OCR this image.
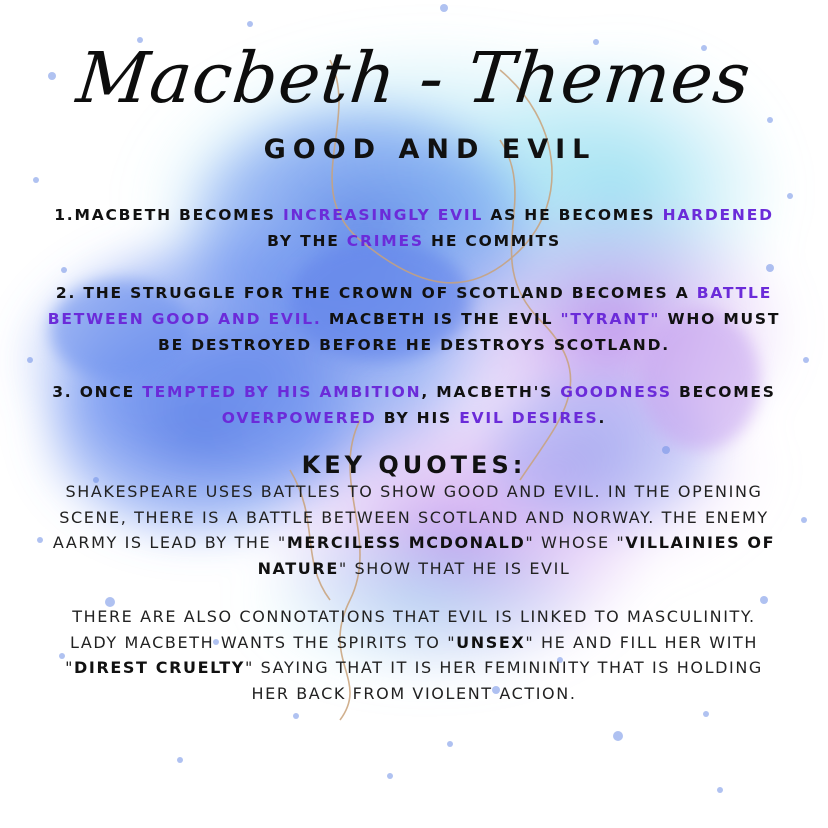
Macbeth - Themes
GOOD AND EVIL
1.MACBETH BECOMES INCREASINGLY EVIL AS HE BECOMES HARDENED BY THE CRIMES HE COMMITS
2. THE STRUGGLE FOR THE CROWN OF SCOTLAND BECOMES A BATTLE BETWEEN GOOD AND EVIL. MACBETH IS THE EVIL "TYRANT" WHO MUST BE DESTROYED BEFORE HE DESTROYS SCOTLAND.
3. ONCE TEMPTED BY HIS AMBITION, MACBETH'S GOODNESS BECOMES OVERPOWERED BY HIS EVIL DESIRES.
KEY QUOTES:
SHAKESPEARE USES BATTLES TO SHOW GOOD AND EVIL. IN THE OPENING SCENE, THERE IS A BATTLE BETWEEN SCOTLAND AND NORWAY. THE ENEMY AARMY IS LEAD BY THE "MERCILESS MCDONALD" WHOSE "VILLAINIES OF NATURE" SHOW THAT HE IS EVIL
THERE ARE ALSO CONNOTATIONS THAT EVIL IS LINKED TO MASCULINITY. LADY MACBETH WANTS THE SPIRITS TO "UNSEX" HE AND FILL HER WITH "DIREST CRUELTY" SAYING THAT IT IS HER FEMININITY THAT IS HOLDING HER BACK FROM VIOLENT ACTION.
